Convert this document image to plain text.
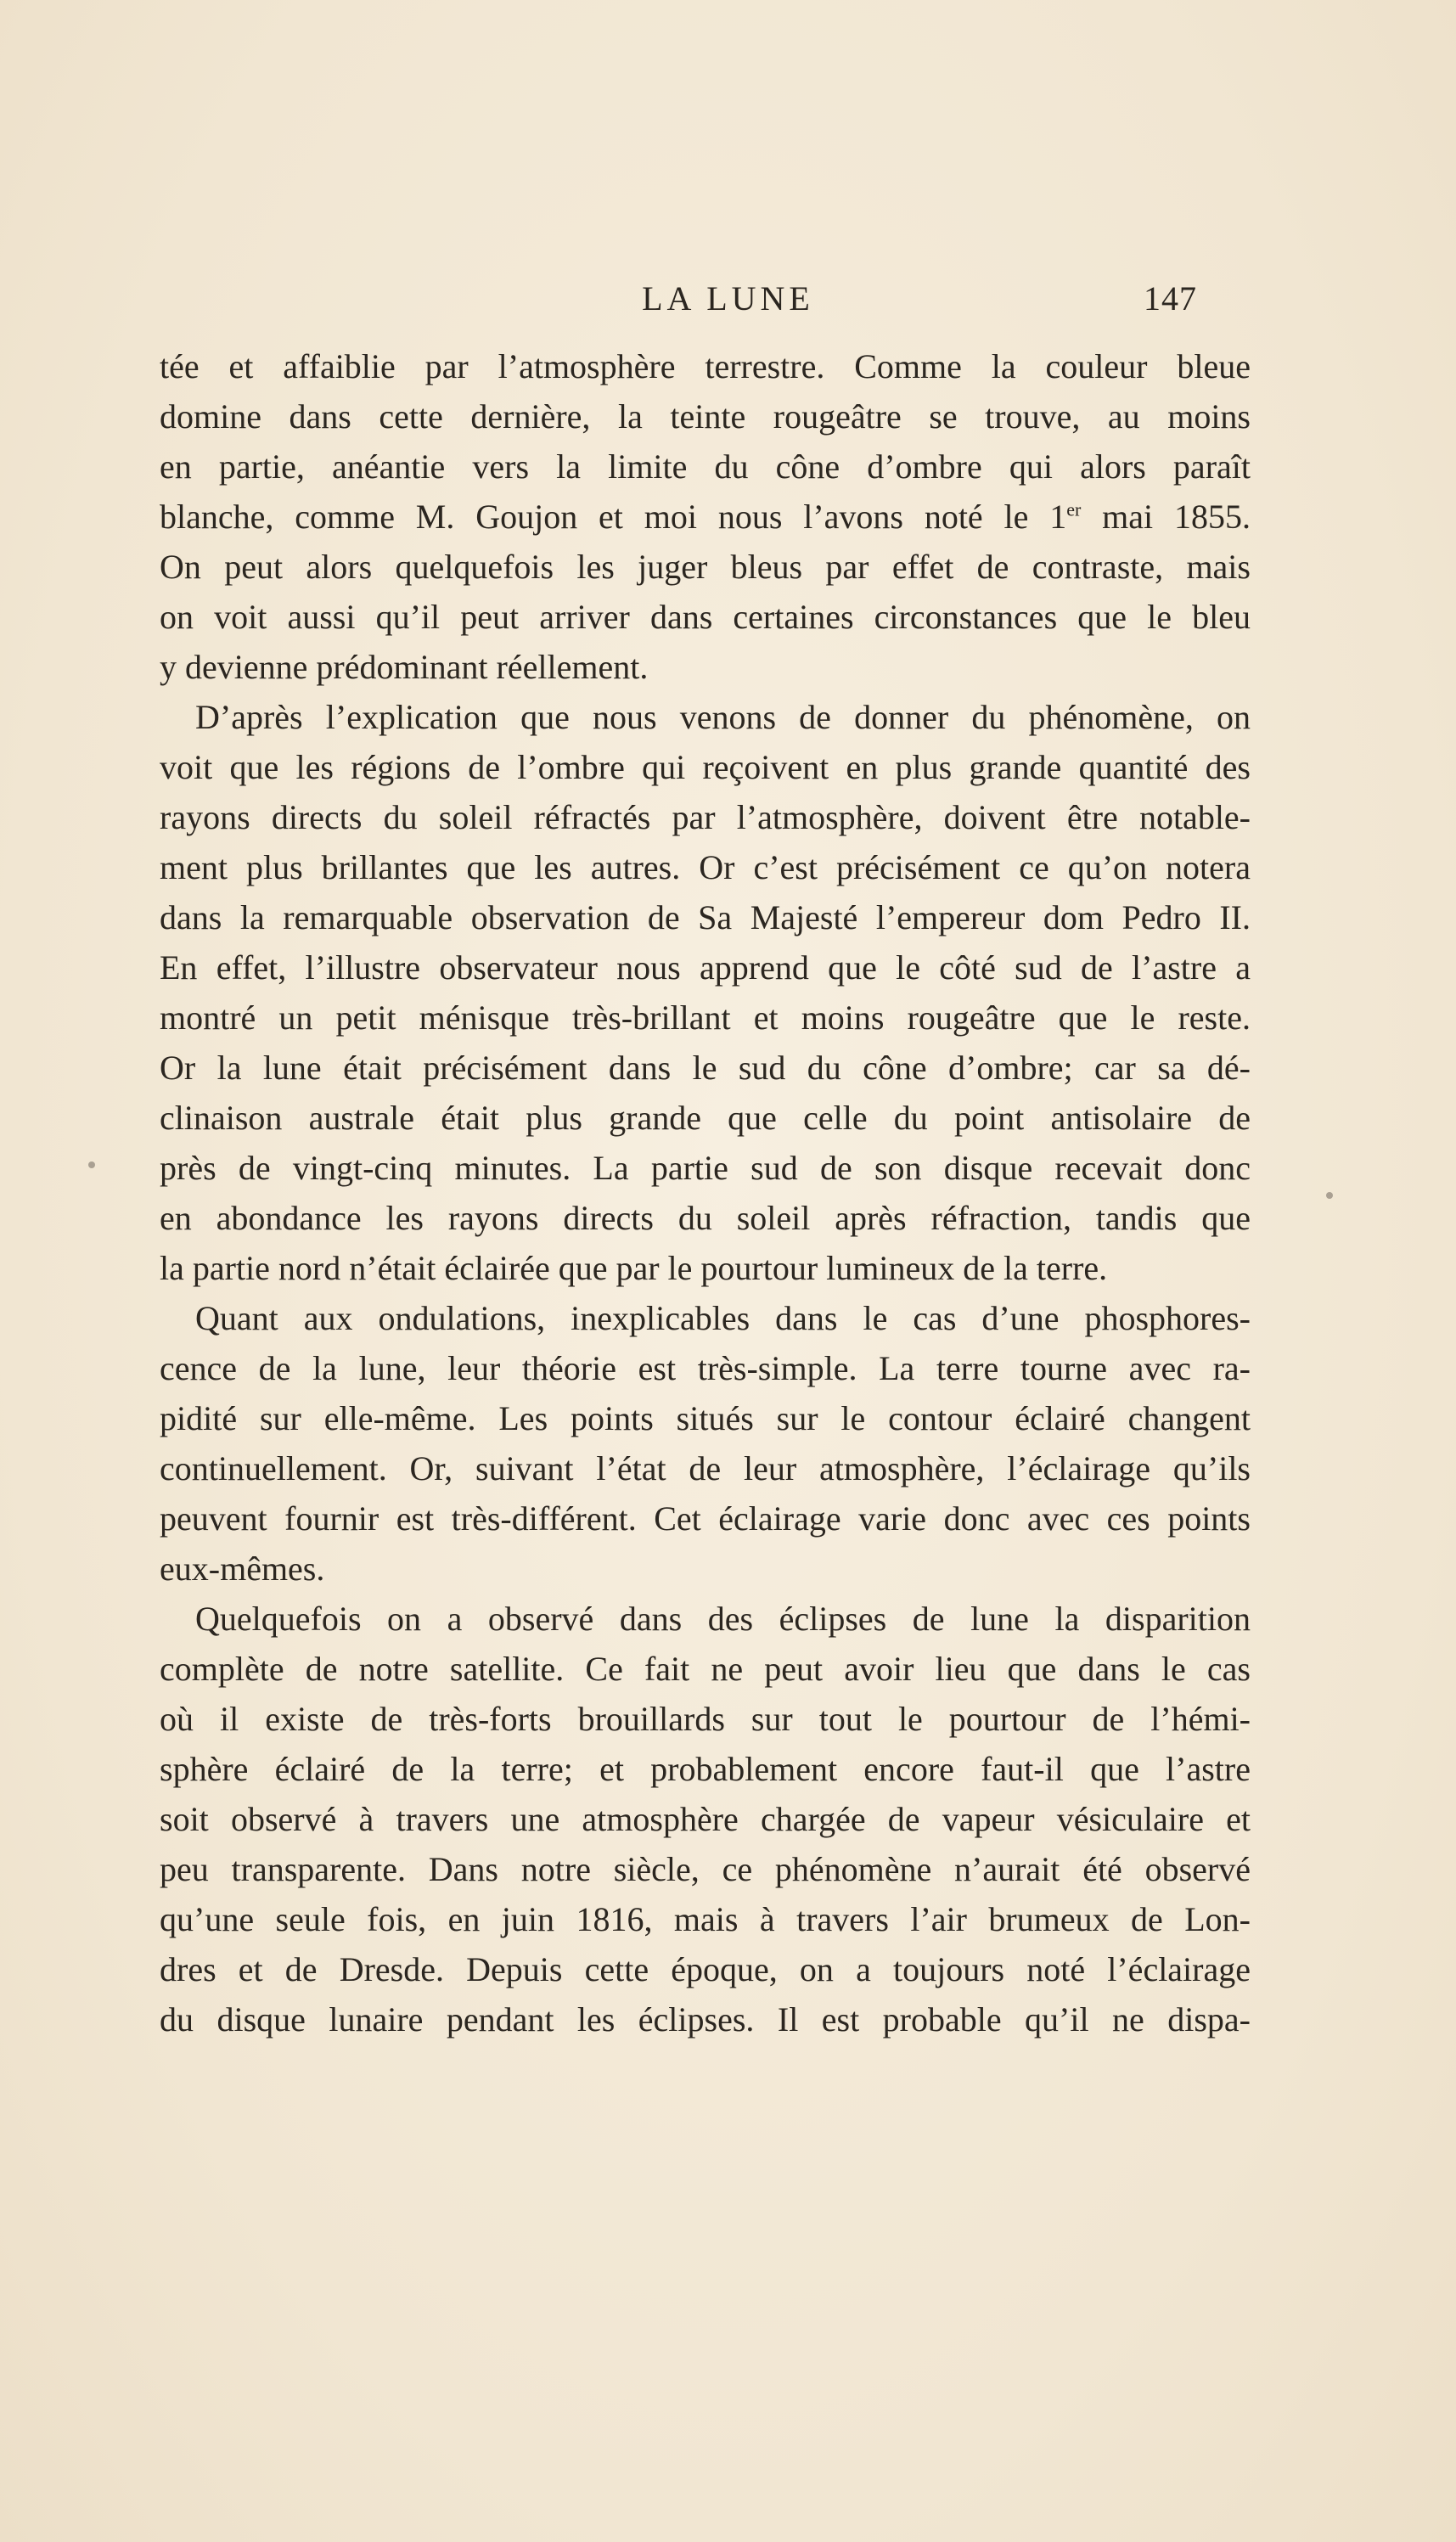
LA LUNE	147

tée et affaiblie par l’atmosphère terrestre. Comme la couleur bleue

domine dans cette dernière, la teinte rougeâtre se trouve, au moins

en partie, anéantie vers la limite du cône d’ombre qui alors paraît

blanche, comme M. Goujon et moi nous l’avons noté le 1er mai 1855.

On peut alors quelquefois les juger bleus par effet de contraste, mais

on voit aussi qu’il peut arriver dans certaines circonstances que le bleu

y devienne prédominant réellement.

D’après l’explication que nous venons de donner du phénomène, on

voit que les régions de l’ombre qui reçoivent en plus grande quantité des

rayons directs du soleil réfractés par l’atmosphère, doivent être notable-

ment plus brillantes que les autres. Or c’est précisément ce qu’on notera

dans la remarquable observation de Sa Majesté l’empereur dom Pedro II.

En effet, l’illustre observateur nous apprend que le côté sud de l’astre a

montré un petit ménisque très-brillant et moins rougeâtre que le reste.

Or la lune était précisément dans le sud du cône d’ombre; car sa dé-

clinaison australe était plus grande que celle du point antisolaire de

près de vingt-cinq minutes. La partie sud de son disque recevait donc

en abondance les rayons directs du soleil après réfraction, tandis que

la partie nord n’était éclairée que par le pourtour lumineux de la terre.

Quant aux ondulations, inexplicables dans le cas d’une phosphores-

cence de la lune, leur théorie est très-simple. La terre tourne avec ra-

pidité sur elle-même. Les points situés sur le contour éclairé changent

continuellement. Or, suivant l’état de leur atmosphère, l’éclairage qu’ils

peuvent fournir est très-différent. Cet éclairage varie donc avec ces points

eux-mêmes.

Quelquefois on a observé dans des éclipses de lune la disparition

complète de notre satellite. Ce fait ne peut avoir lieu que dans le cas

où il existe de très-forts brouillards sur tout le pourtour de l’hémi-

sphère éclairé de la terre; et probablement encore faut-il que l’astre

soit observé à travers une atmosphère chargée de vapeur vésiculaire et

peu transparente. Dans notre siècle, ce phénomène n’aurait été observé

qu’une seule fois, en juin 1816, mais à travers l’air brumeux de Lon-

dres et de Dresde. Depuis cette époque, on a toujours noté l’éclairage

du disque lunaire pendant les éclipses. Il est probable qu’il ne dispa-
